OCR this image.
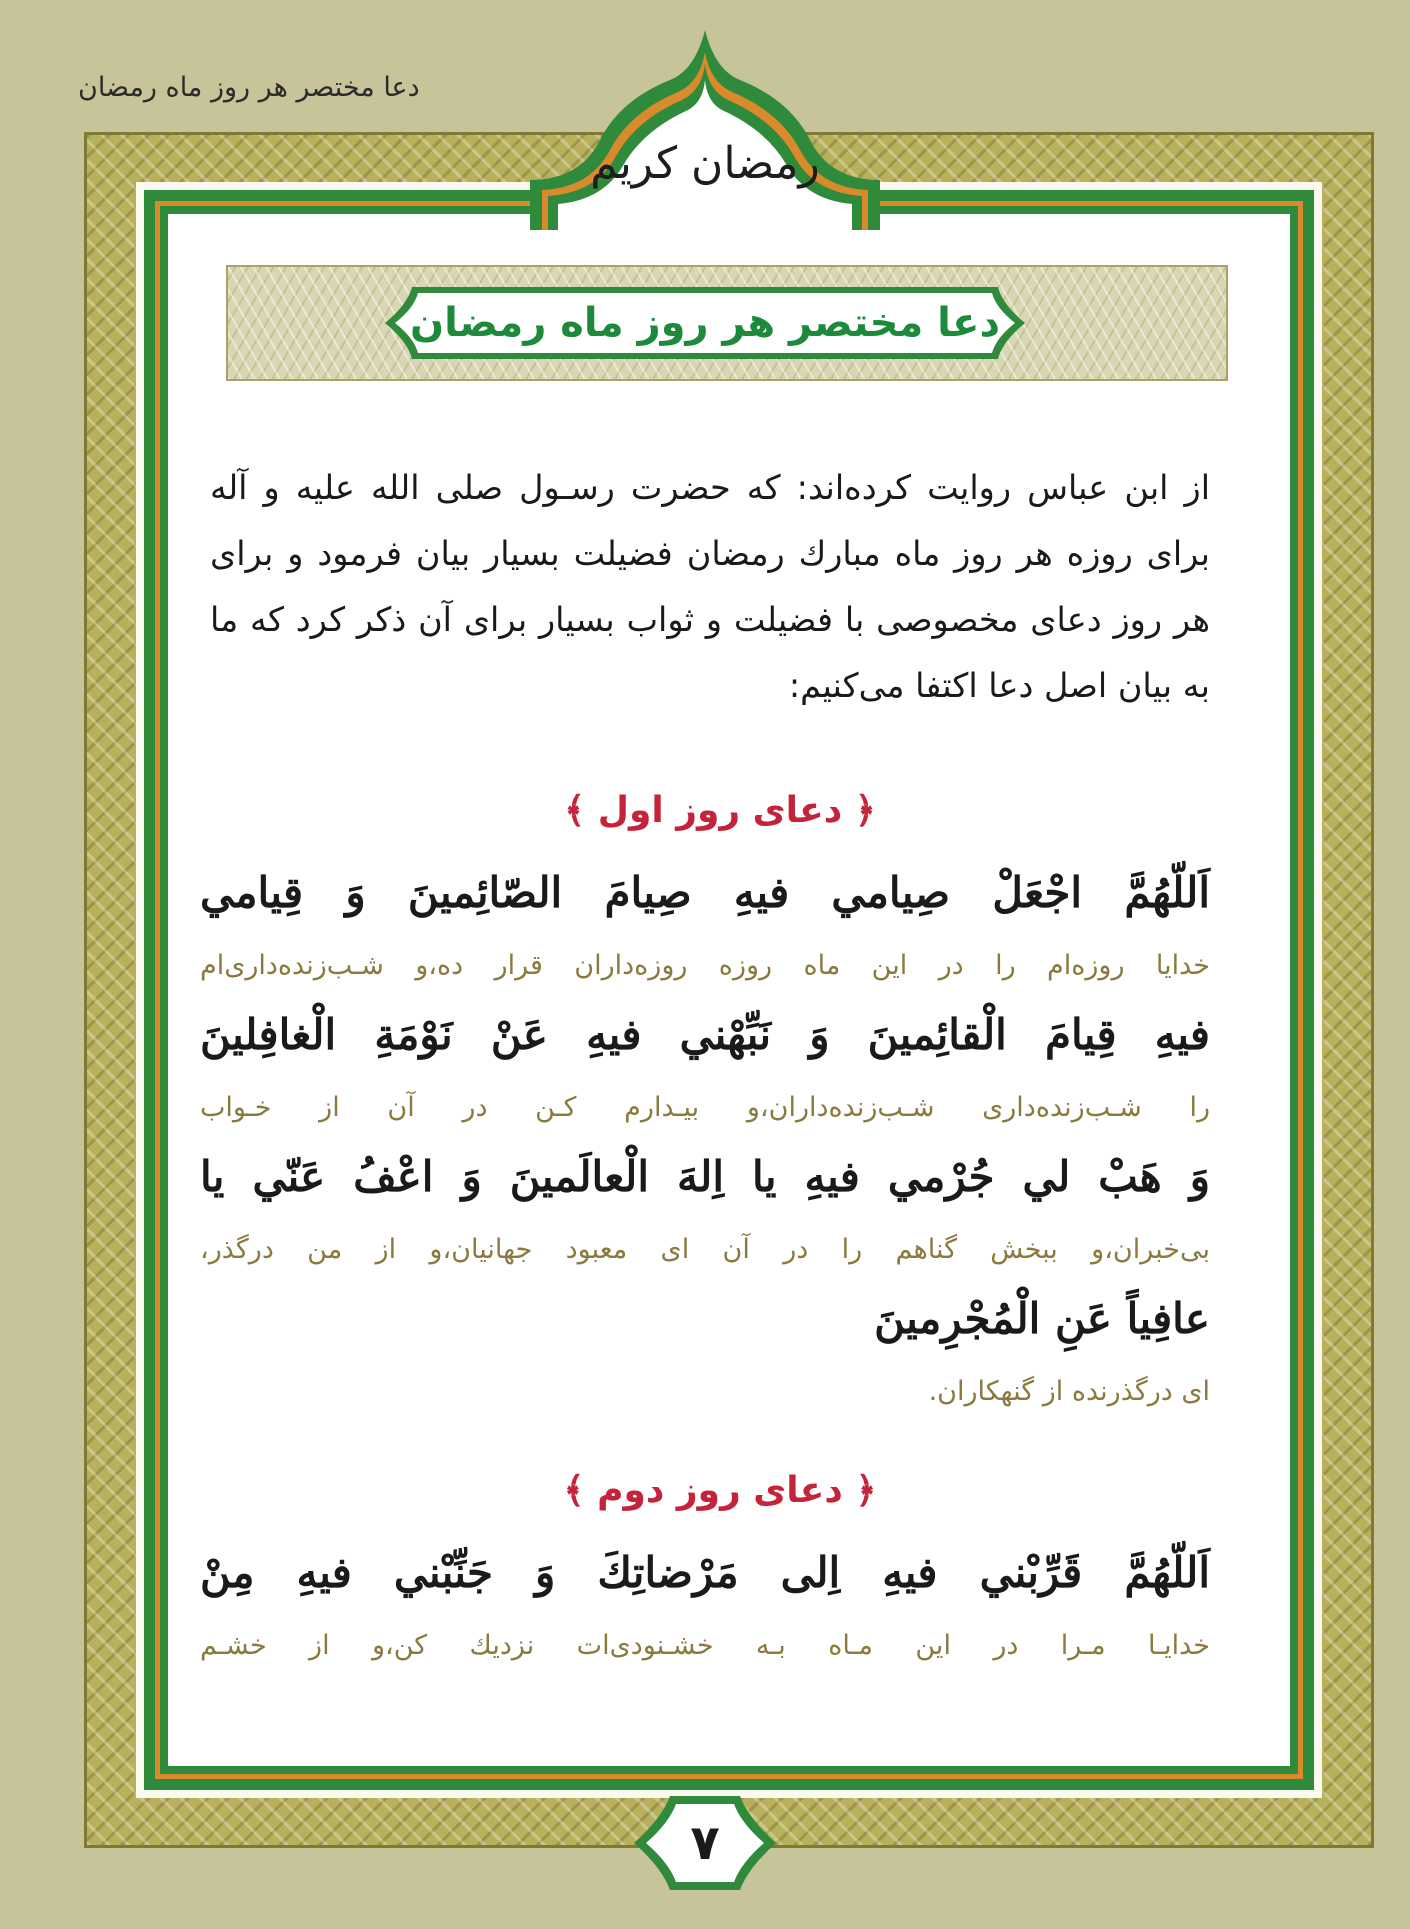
دعا مختصر هر روز ماه رمضان
رمضان کریم
دعا مختصر هر روز ماه رمضان
از ابن عباس روایت کرده‌اند: که حضرت رسـول صلی الله علیه و آله برای روزه هر روز ماه مبارك رمضان فضیلت بسیار بیان فرمود و برای هر روز دعای مخصوصی با فضیلت و ثواب بسیار برای آن ذکر کرد که ما به بیان اصل دعا اکتفا می‌کنیم:
﴿ دعای روز اول ﴾
اَللّهُمَّ اجْعَلْ صِيامي فيهِ صِيامَ الصّائِمينَ وَ قِيامي
خدایا روزه‌ام را در این ماه روزه روزه‌داران قرار ده،و شـب‌زنده‌داری‌ام
فيهِ قِيامَ الْقائِمينَ وَ نَبِّهْني فيهِ عَنْ نَوْمَةِ الْغافِلينَ
را شـب‌زنده‌داری شـب‌زنده‌داران،و بیـدارم کـن در آن از خـواب
وَ هَبْ لي جُرْمي فيهِ يا اِلهَ الْعالَمينَ وَ اعْفُ عَنّي يا
بی‌خبران،و ببخش گناهم را در آن ای معبود جهانیان،و از من درگذر،
عافِياً عَنِ الْمُجْرِمينَ
ای درگذرنده از گنهکاران.
﴿ دعای روز دوم ﴾
اَللّهُمَّ قَرِّبْني فيهِ اِلى مَرْضاتِكَ وَ جَنِّبْني فيهِ مِنْ
خدایـا مـرا در این مـاه بـه خشـنودی‌ات نزدیك کن،و از خشـم
۷
